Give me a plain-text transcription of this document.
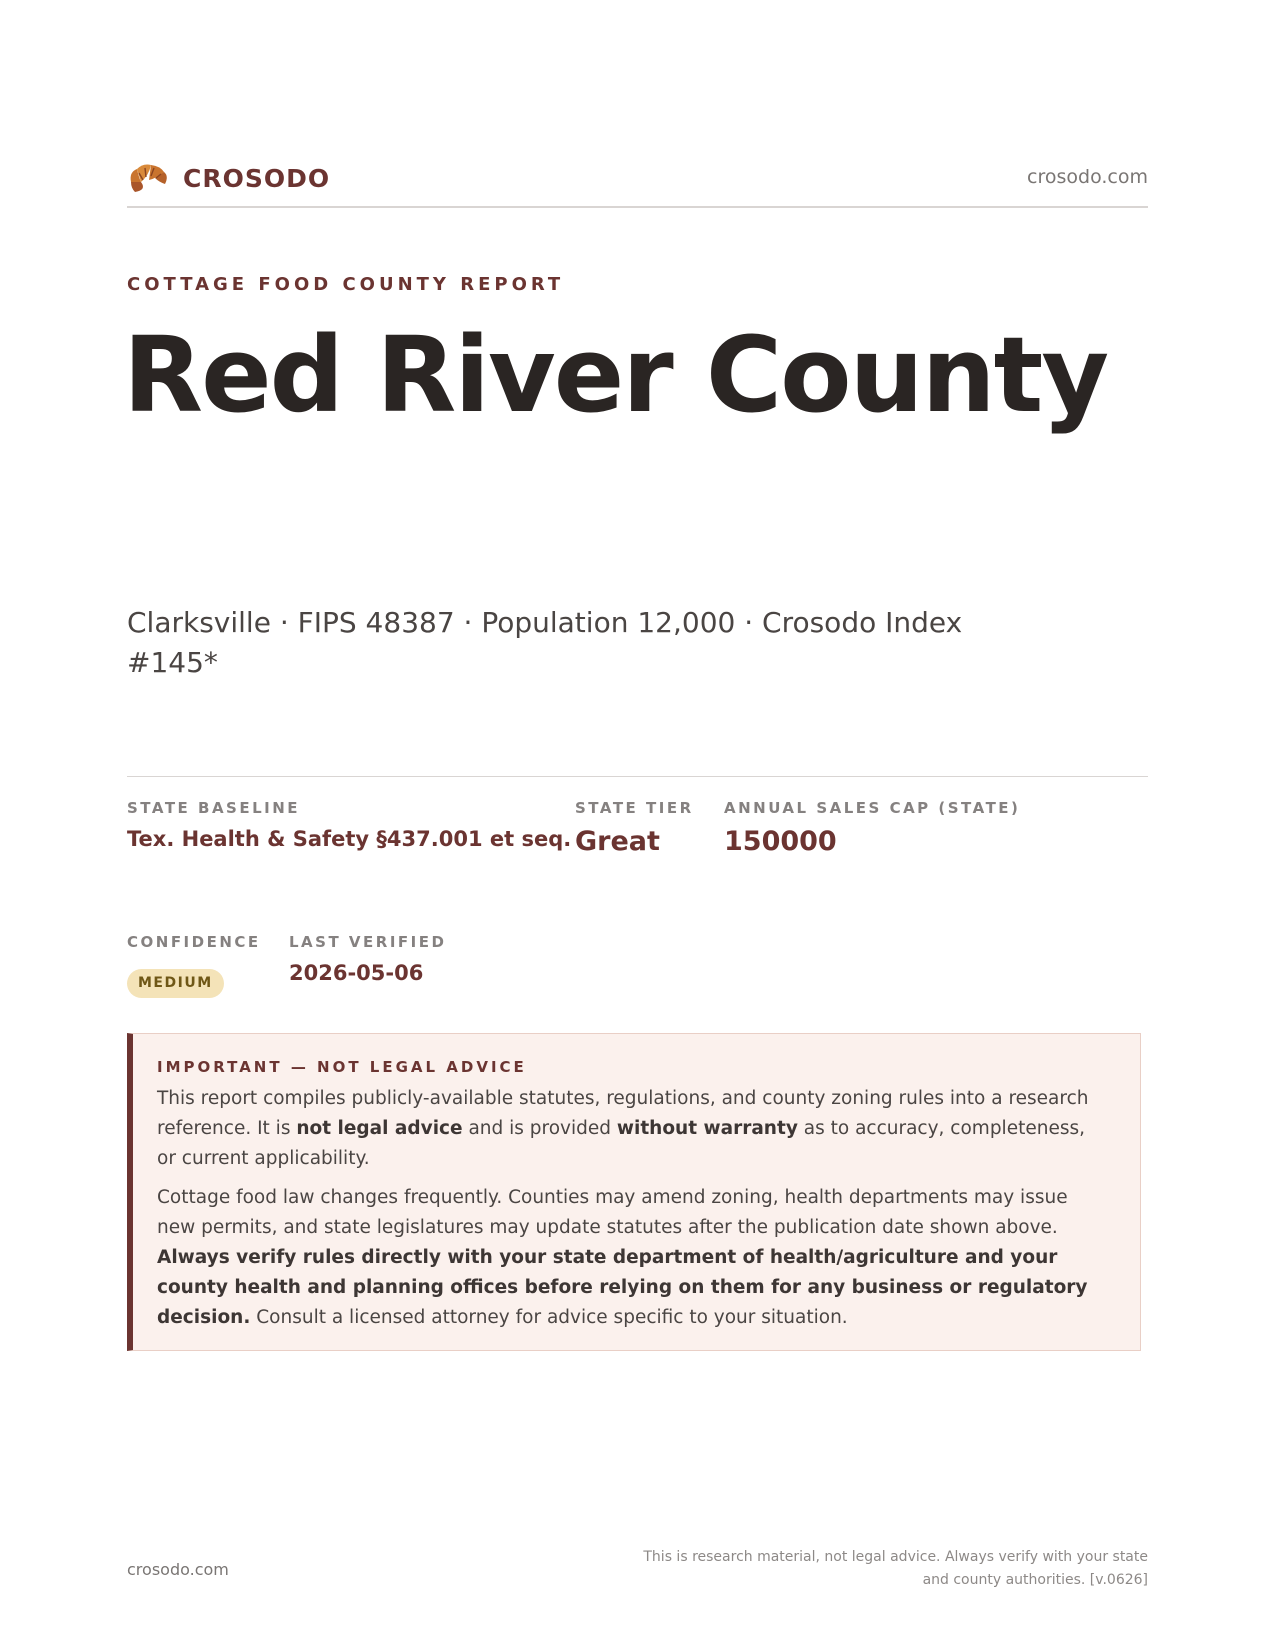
CROSODO	crosodo.com
COTTAGE FOOD COUNTY REPORT
Red River County
Clarksville · FIPS 48387 · Population 12,000 · Crosodo Index #145*
STATE BASELINE
Tex. Health & Safety §437.001 et seq.
STATE TIER
Great
ANNUAL SALES CAP (STATE)
150000
CONFIDENCE
MEDIUM
LAST VERIFIED
2026-05-06
IMPORTANT — NOT LEGAL ADVICE
This report compiles publicly-available statutes, regulations, and county zoning rules into a research reference. It is not legal advice and is provided without warranty as to accuracy, completeness, or current applicability.
Cottage food law changes frequently. Counties may amend zoning, health departments may issue new permits, and state legislatures may update statutes after the publication date shown above. Always verify rules directly with your state department of health/agriculture and your county health and planning offices before relying on them for any business or regulatory decision. Consult a licensed attorney for advice specific to your situation.
crosodo.com
This is research material, not legal advice. Always verify with your state
and county authorities. [v.0626]
